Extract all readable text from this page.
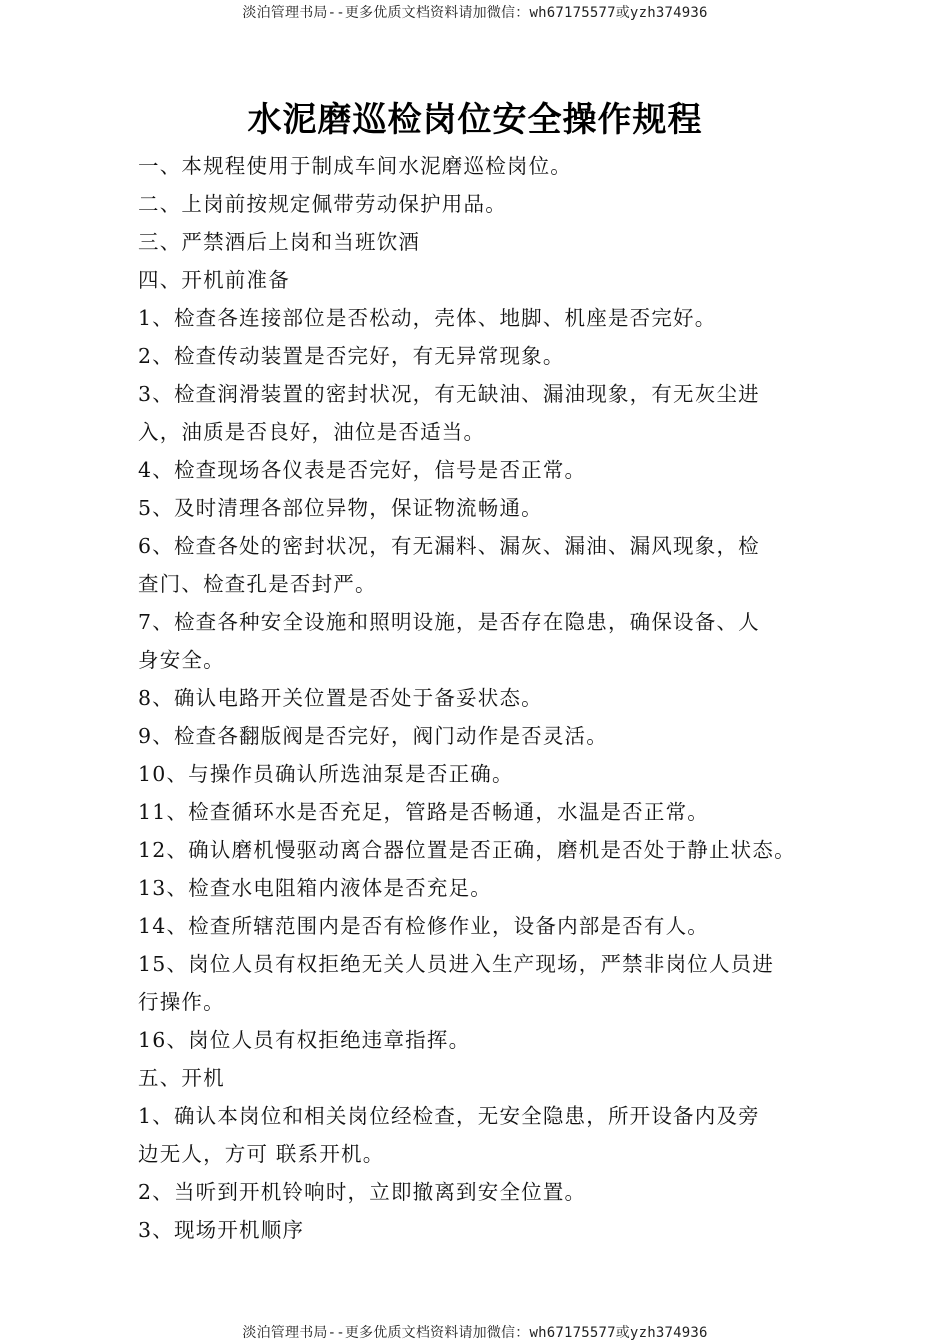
淡泊管理书局--更多优质文档资料请加微信：wh67175577或yzh374936
水泥磨巡检岗位安全操作规程

一、本规程使用于制成车间水泥磨巡检岗位。

二、上岗前按规定佩带劳动保护用品。

三、严禁酒后上岗和当班饮酒

四、开机前准备

1、检查各连接部位是否松动，壳体、地脚、机座是否完好。

2、检查传动装置是否完好，有无异常现象。

3、检查润滑装置的密封状况，有无缺油、漏油现象，有无灰尘进

入，油质是否良好，油位是否适当。

4、检查现场各仪表是否完好，信号是否正常。

5、及时清理各部位异物，保证物流畅通。

6、检查各处的密封状况，有无漏料、漏灰、漏油、漏风现象，检

查门、检查孔是否封严。

7、检查各种安全设施和照明设施，是否存在隐患，确保设备、人

身安全。

8、确认电路开关位置是否处于备妥状态。

9、检查各翻版阀是否完好，阀门动作是否灵活。

10、与操作员确认所选油泵是否正确。

11、检查循环水是否充足，管路是否畅通，水温是否正常。

12、确认磨机慢驱动离合器位置是否正确，磨机是否处于静止状态。

13、检查水电阻箱内液体是否充足。

14、检查所辖范围内是否有检修作业，设备内部是否有人。

15、岗位人员有权拒绝无关人员进入生产现场，严禁非岗位人员进

行操作。

16、岗位人员有权拒绝违章指挥。

五、开机

1、确认本岗位和相关岗位经检查，无安全隐患，所开设备内及旁

边无人，方可 联系开机。

2、当听到开机铃响时，立即撤离到安全位置。

3、现场开机顺序

淡泊管理书局--更多优质文档资料请加微信：wh67175577或yzh374936
